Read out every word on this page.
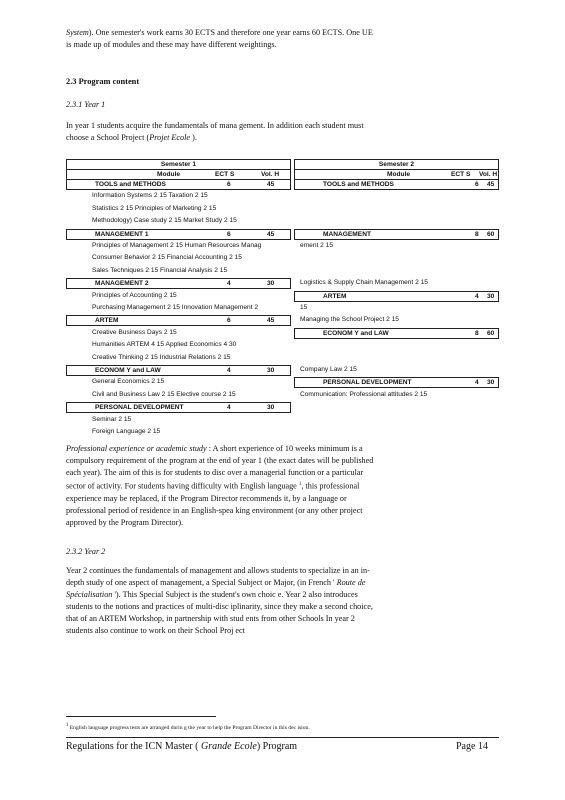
System). One semester's work earns 30 ECTS and therefore one year earns 60 ECTS. One UE
is made up of modules and these may have different weightings.
2.3 Program content
2.3.1 Year 1
In year 1 students acquire the fundamentals of mana gement. In addition each student must
choose a School Project (Projet Ecole ).
Semester 1
Module	ECT S	Vol. H
TOOLS and METHODS	6	45
Information Systems 2 15 Taxation 2 15
Statistics 2 15 Principles of Marketing 2 15
Methodology) Case study 2 15 Market Study 2 15
MANAGEMENT 1	6	45
Principles of Management 2 15 Human Resources Manag
Consumer Behavior 2 15 Financial Accounting 2 15
Sales Techniques 2 15 Financial Analysis 2 15
MANAGEMENT 2	4	30
Principles of Accounting 2 15
Purchasing Management 2 15 Innovation Management 2
ARTEM	6	45
Creative Business Days 2 15
Humanities ARTEM 4 15 Applied Economics 4 30
Creative Thinking 2 15 Industrial Relations 2 15
ECONOM Y and LAW	4	30
General Economics 2 15
Civil and Business Law 2 15 Elective course 2 15
PERSONAL DEVELOPMENT	4	30
Seminar 2 15
Foreign Language 2 15
Semester 2
Module	ECT S Vol. H
TOOLS and METHODS	6 45
MANAGEMENT	8 60
ement 2 15
Logistics & Supply Chain Management 2 15
ARTEM	4 30
15
Managing the School Project 2 15
ECONOM Y and LAW	8 60
Company Law 2 15
PERSONAL DEVELOPMENT	4 30
Communication: Professional attitudes 2 15
Professional experience or academic study : A short experience of 10 weeks minimum is a
compulsory requirement of the program at the end of year 1 (the exact dates will be published
each year). The aim of this is for students to disc over a managerial function or a particular
sector of activity. For students having difficulty with English language $^1$, this professional
experience may be replaced, if the Program Director recommends it, by a language or
professional period of residence in an English-spea king environment (or any other project
approved by the Program Director).
2.3.2 Year 2
Year 2 continues the fundamentals of management and allows students to specialize in an in-
depth study of one aspect of management, a Special Subject or Major, (in French ' Route de
Spécialisation '). This Special Subject is the student's own choic e. Year 2 also introduces
students to the notions and practices of multi-disc iplinarity, since they make a second choice,
that of an ARTEM Workshop, in partnership with stud ents from other Schools In year 2
students also continue to work on their School Proj ect
$^1$ English language progress tests are arranged durin g the year to help the Program Director in this dec ision.
Regulations for the ICN Master ( Grande Ecole) Program	Page 14
